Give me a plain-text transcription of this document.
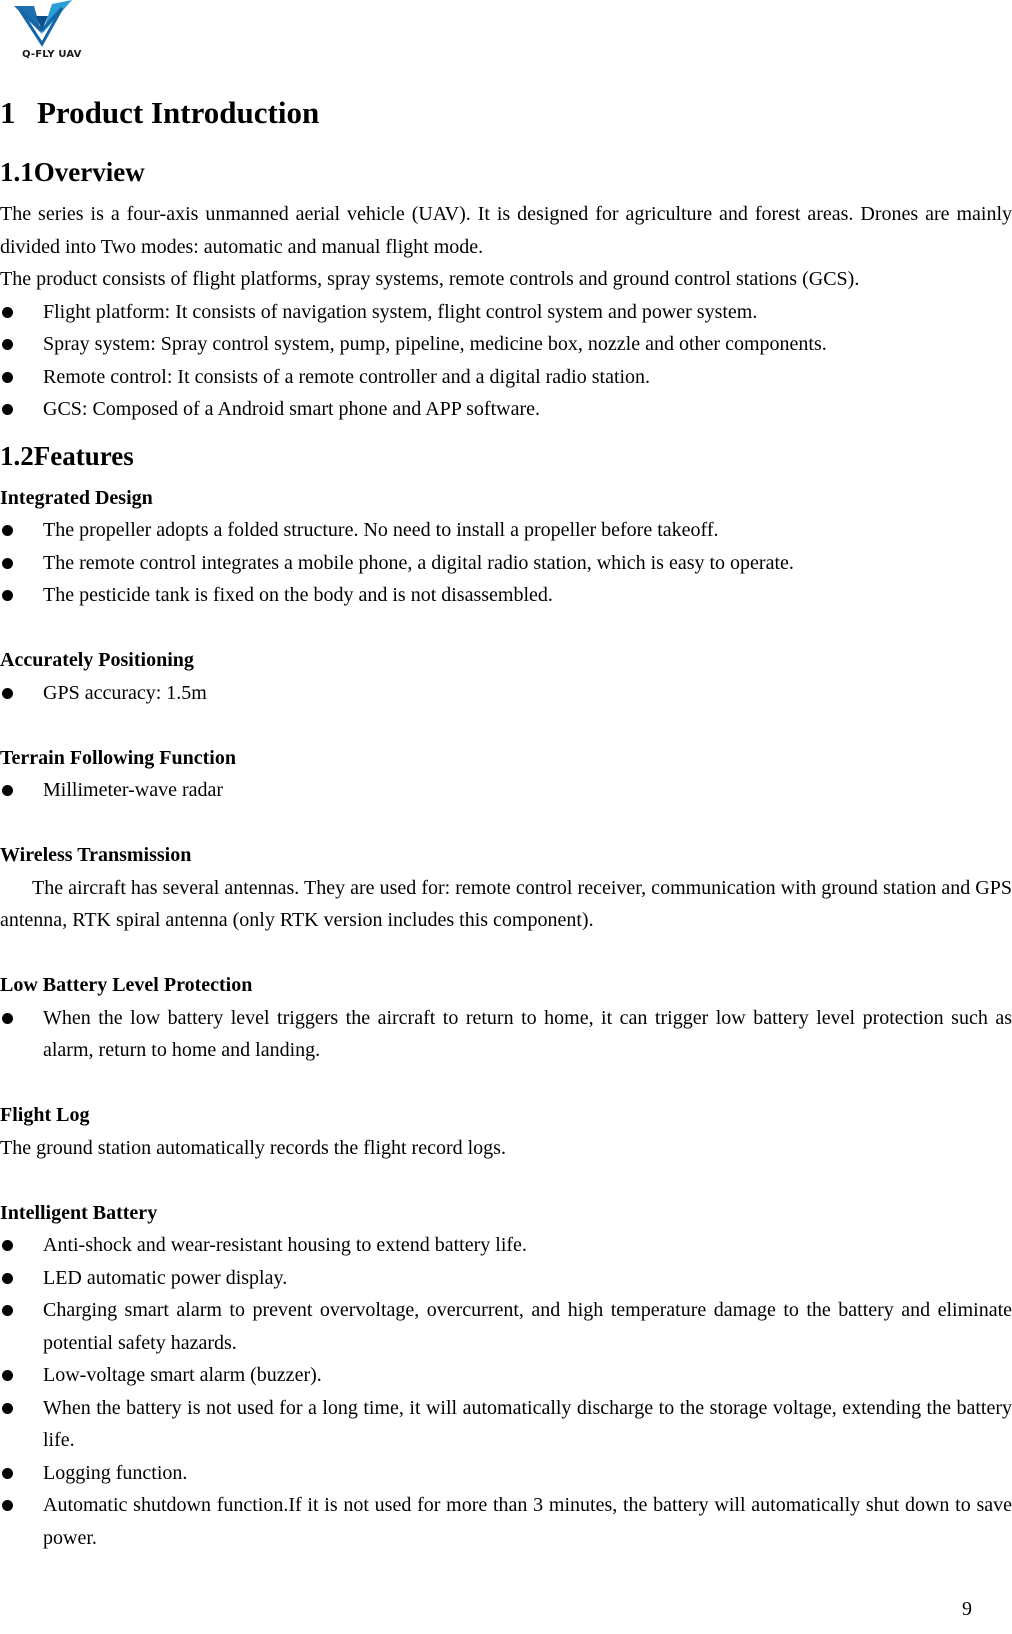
Q-FLY UAV
1 Product Introduction
1.1Overview

The series is a four-axis unmanned aerial vehicle (UAV). It is designed for agriculture and forest areas. Drones are mainly divided into Two modes: automatic and manual flight mode.

The product consists of flight platforms, spray systems, remote controls and ground control stations (GCS).

Flight platform: It consists of navigation system, flight control system and power system.
Spray system: Spray control system, pump, pipeline, medicine box, nozzle and other components.
Remote control: It consists of a remote controller and a digital radio station.
GCS: Composed of a Android smart phone and APP software.
1.2Features
Integrated Design
The propeller adopts a folded structure. No need to install a propeller before takeoff.
The remote control integrates a mobile phone, a digital radio station, which is easy to operate.
The pesticide tank is fixed on the body and is not disassembled.
Accurately Positioning
GPS accuracy: 1.5m
Terrain Following Function
Millimeter-wave radar
Wireless Transmission

The aircraft has several antennas. They are used for: remote control receiver, communication with ground station and GPS antenna, RTK spiral antenna (only RTK version includes this component).

Low Battery Level Protection
When the low battery level triggers the aircraft to return to home, it can trigger low battery level protection such as alarm, return to home and landing.
Flight Log

The ground station automatically records the flight record logs.

Intelligent Battery
Anti-shock and wear-resistant housing to extend battery life.
LED automatic power display.
Charging smart alarm to prevent overvoltage, overcurrent, and high temperature damage to the battery and eliminate potential safety hazards.
Low-voltage smart alarm (buzzer).
When the battery is not used for a long time, it will automatically discharge to the storage voltage, extending the battery life.
Logging function.
Automatic shutdown function.If it is not used for more than 3 minutes, the battery will automatically shut down to save power.
9
